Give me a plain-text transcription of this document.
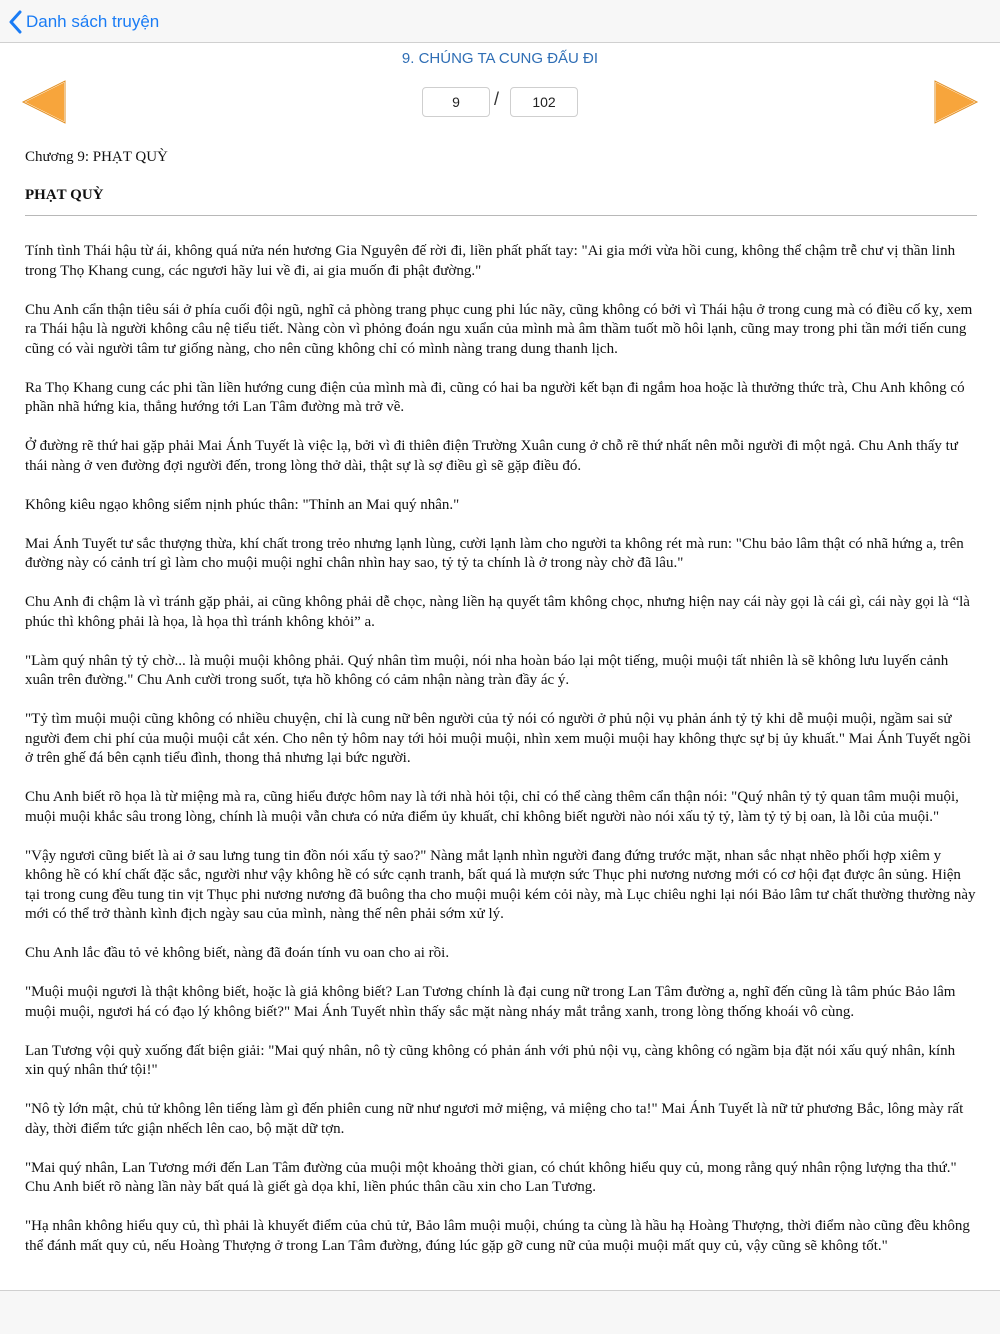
Danh sách truyện
9. CHÚNG TA CUNG ĐẤU ĐI
9
/
102
Chương 9: PHẠT QUỲ
PHẠT QUỲ

Tính tình Thái hậu từ ái, không quá nửa nén hương Gia Nguyên đế rời đi, liền phất phất tay: "Ai gia mới vừa hồi cung, không thể chậm trễ chư vị thần linh trong Thọ Khang cung, các ngươi hãy lui về đi, ai gia muốn đi phật đường."

Chu Anh cẩn thận tiêu sái ở phía cuối đội ngũ, nghĩ cả phòng trang phục cung phi lúc nãy, cũng không có bởi vì Thái hậu ở trong cung mà có điều cố kỵ, xem ra Thái hậu là người không câu nệ tiểu tiết. Nàng còn vì phỏng đoán ngu xuẩn của mình mà âm thầm tuốt mồ hôi lạnh, cũng may trong phi tần mới tiến cung cũng có vài người tâm tư giống nàng, cho nên cũng không chỉ có mình nàng trang dung thanh lịch.

Ra Thọ Khang cung các phi tần liền hướng cung điện của mình mà đi, cũng có hai ba người kết bạn đi ngắm hoa hoặc là thưởng thức trà, Chu Anh không có phần nhã hứng kia, thẳng hướng tới Lan Tâm đường mà trở về.

Ở đường rẽ thứ hai gặp phải Mai Ánh Tuyết là việc lạ, bởi vì đi thiên điện Trường Xuân cung ở chỗ rẽ thứ nhất nên mỗi người đi một ngả. Chu Anh thấy tư thái nàng ở ven đường đợi người đến, trong lòng thở dài, thật sự là sợ điều gì sẽ gặp điều đó.

Không kiêu ngạo không siểm nịnh phúc thân: "Thỉnh an Mai quý nhân."

Mai Ánh Tuyết tư sắc thượng thừa, khí chất trong trẻo nhưng lạnh lùng, cười lạnh làm cho người ta không rét mà run: "Chu bảo lâm thật có nhã hứng a, trên đường này có cảnh trí gì làm cho muội muội nghỉ chân nhìn hay sao, tỷ tỷ ta chính là ở trong này chờ đã lâu."

Chu Anh đi chậm là vì tránh gặp phải, ai cũng không phải dễ chọc, nàng liền hạ quyết tâm không chọc, nhưng hiện nay cái này gọi là cái gì, cái này gọi là “là phúc thì không phải là họa, là họa thì tránh không khỏi” a.

"Làm quý nhân tỷ tỷ chờ... là muội muội không phải. Quý nhân tìm muội, nói nha hoàn báo lại một tiếng, muội muội tất nhiên là sẽ không lưu luyến cảnh xuân trên đường." Chu Anh cười trong suốt, tựa hồ không có cảm nhận nàng tràn đầy ác ý.

"Tỷ tìm muội muội cũng không có nhiều chuyện, chỉ là cung nữ bên người của tỷ nói có người ở phủ nội vụ phản ánh tỷ tỷ khi dễ muội muội, ngầm sai sử người đem chi phí của muội muội cắt xén. Cho nên tỷ hôm nay tới hỏi muội muội, nhìn xem muội muội hay không thực sự bị ủy khuất." Mai Ánh Tuyết ngồi ở trên ghế đá bên cạnh tiểu đình, thong thả nhưng lại bức người.

Chu Anh biết rõ họa là từ miệng mà ra, cũng hiểu được hôm nay là tới nhà hỏi tội, chỉ có thể càng thêm cẩn thận nói: "Quý nhân tỷ tỷ quan tâm muội muội, muội muội khắc sâu trong lòng, chính là muội vẫn chưa có nửa điểm ủy khuất, chỉ không biết người nào nói xấu tỷ tỷ, làm tỷ tỷ bị oan, là lỗi của muội."

"Vậy ngươi cũng biết là ai ở sau lưng tung tin đồn nói xấu tỷ sao?" Nàng mắt lạnh nhìn người đang đứng trước mặt, nhan sắc nhạt nhẽo phối hợp xiêm y không hề có khí chất đặc sắc, người như vậy không hề có sức cạnh tranh, bất quá là mượn sức Thục phi nương nương mới có cơ hội đạt được ân sủng. Hiện tại trong cung đều tung tin vịt Thục phi nương nương đã buông tha cho muội muội kém cỏi này, mà Lục chiêu nghi lại nói Bảo lâm tư chất thường thường này mới có thể trở thành kình địch ngày sau của mình, nàng thế nên phải sớm xử lý.

Chu Anh lắc đầu tỏ vẻ không biết, nàng đã đoán tính vu oan cho ai rồi.

"Muội muội ngươi là thật không biết, hoặc là giả không biết? Lan Tương chính là đại cung nữ trong Lan Tâm đường a, nghĩ đến cũng là tâm phúc Bảo lâm muội muội, ngươi há có đạo lý không biết?" Mai Ánh Tuyết nhìn thấy sắc mặt nàng nháy mắt trắng xanh, trong lòng thống khoái vô cùng.

Lan Tương vội quỳ xuống đất biện giải: "Mai quý nhân, nô tỳ cũng không có phản ánh với phủ nội vụ, càng không có ngầm bịa đặt nói xấu quý nhân, kính xin quý nhân thứ tội!"

"Nô tỳ lớn mật, chủ tử không lên tiếng làm gì đến phiên cung nữ như ngươi mở miệng, vả miệng cho ta!" Mai Ánh Tuyết là nữ tử phương Bắc, lông mày rất dày, thời điểm tức giận nhếch lên cao, bộ mặt dữ tợn.

"Mai quý nhân, Lan Tương mới đến Lan Tâm đường của muội một khoảng thời gian, có chút không hiểu quy củ, mong rằng quý nhân rộng lượng tha thứ." Chu Anh biết rõ nàng lần này bất quá là giết gà dọa khỉ, liền phúc thân cầu xin cho Lan Tương.

"Hạ nhân không hiểu quy củ, thì phải là khuyết điểm của chủ tử, Bảo lâm muội muội, chúng ta cùng là hầu hạ Hoàng Thượng, thời điểm nào cũng đều không thể đánh mất quy củ, nếu Hoàng Thượng ở trong Lan Tâm đường, đúng lúc gặp gỡ cung nữ của muội muội mất quy củ, vậy cũng sẽ không tốt."
